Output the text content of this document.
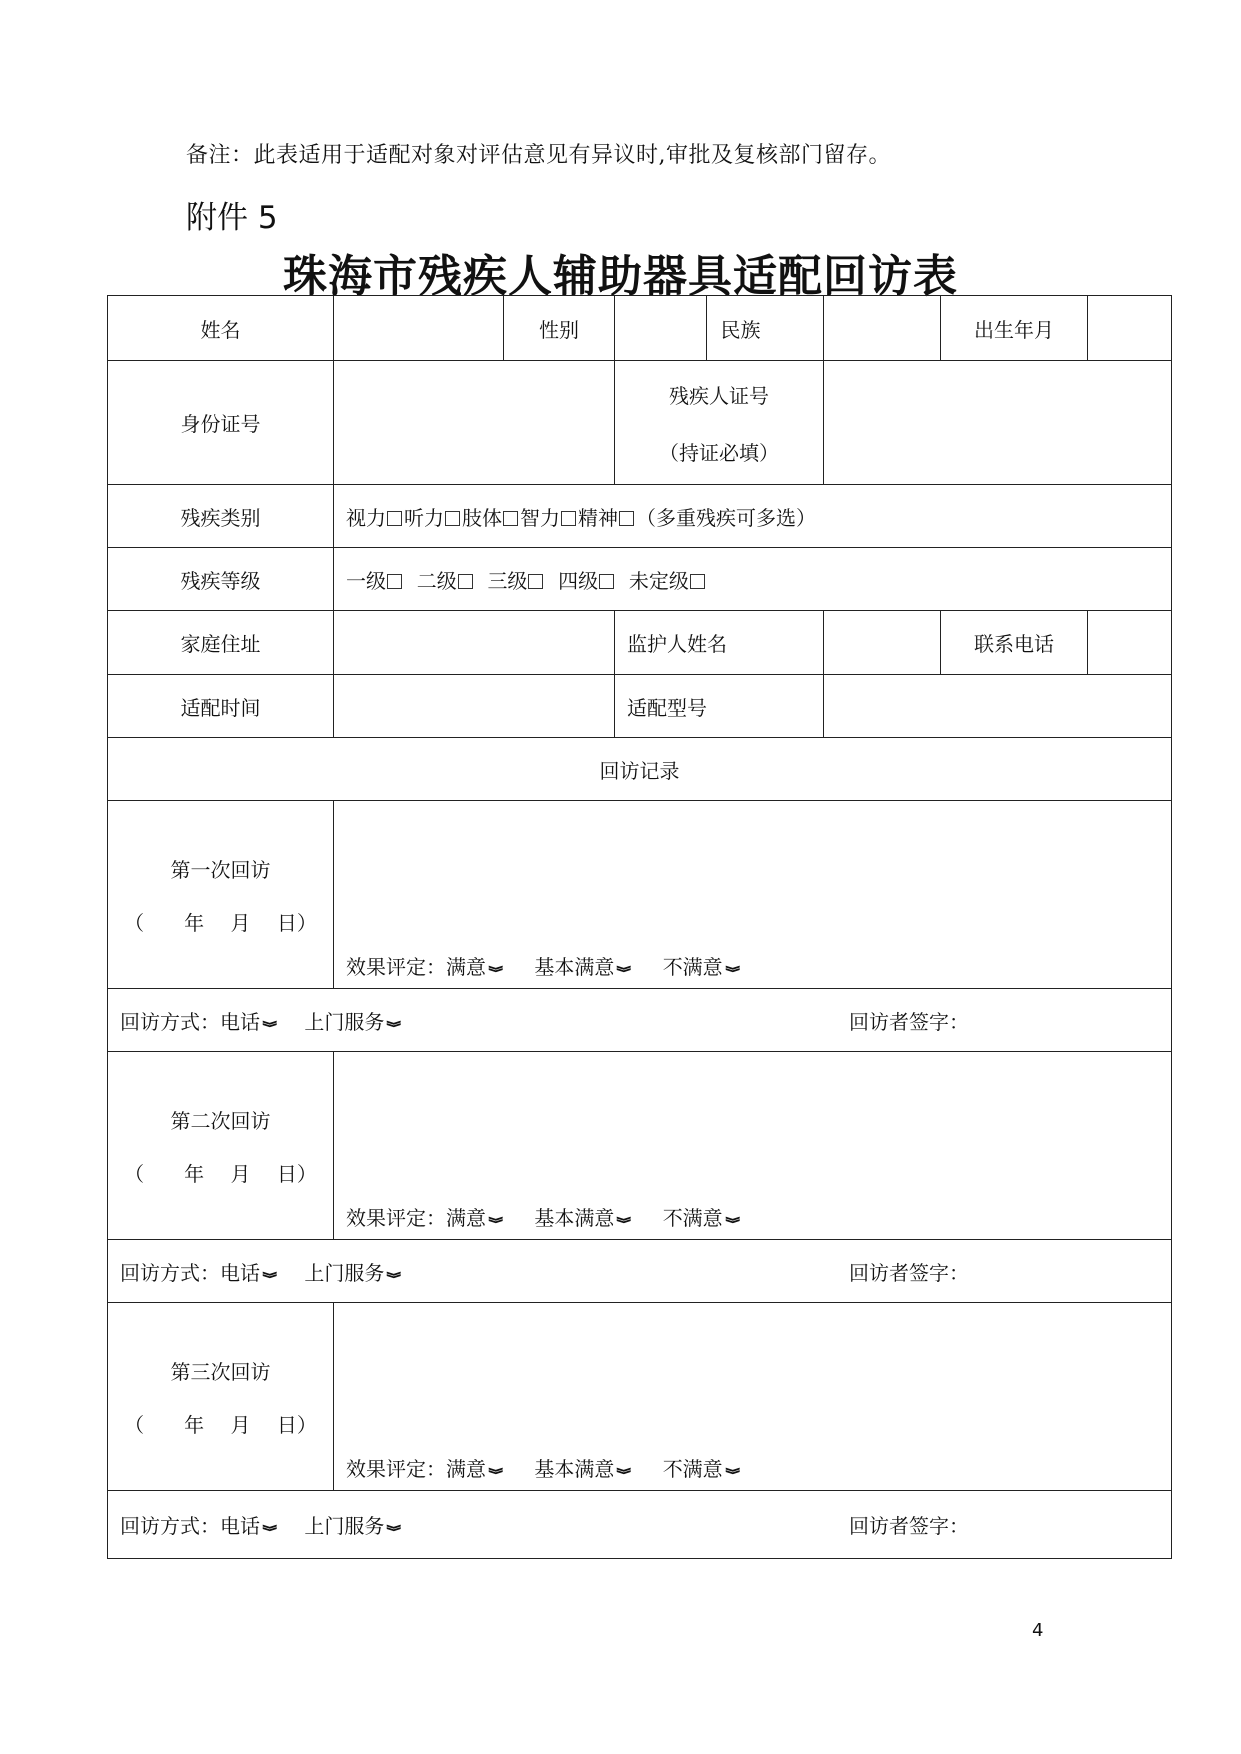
备注：此表适用于适配对象对评估意见有异议时,审批及复核部门留存。
附件 5
珠海市残疾人辅助器具适配回访表
姓名		性别			民族		出生年月

身份证号			残疾人证号
（持证必填）				

残疾类别	视力 听力 肢体 智力 精神 （多重残疾可多选）						
残疾等级	一级 二级 三级 四级 未定级						
家庭住址			监护人姓名				联系电话

适配时间			适配型号				
回访记录							

第一次回访
（　　年　 月　 日）	效果评定： 满意⟫ 基本满意⟫ 不满意⟫						

回访方式：电话⟫ 上门服务⟫ 回访者签字：							

第二次回访
（　　年　 月　 日）	效果评定： 满意⟫ 基本满意⟫ 不满意⟫						

回访方式：电话⟫ 上门服务⟫ 回访者签字：							

第三次回访
（　　年　 月　 日）	效果评定： 满意⟫ 基本满意⟫ 不满意⟫						

回访方式：电话⟫ 上门服务⟫ 回访者签字：							
4
